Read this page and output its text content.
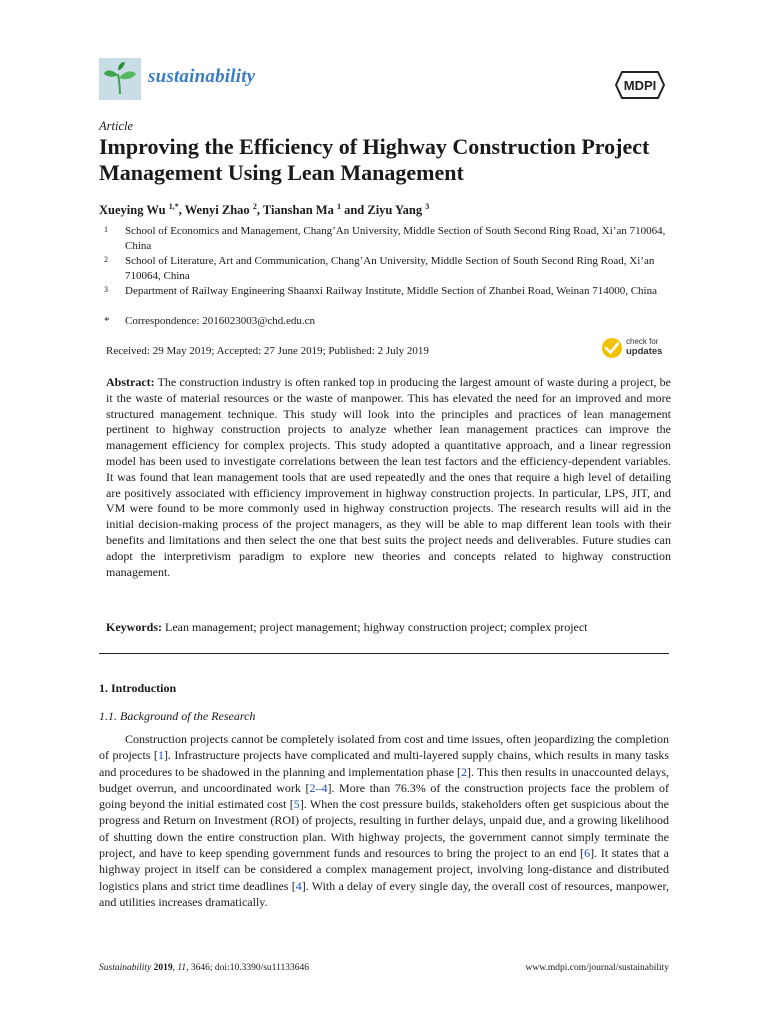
sustainability	MDPI
Article
Improving the Efficiency of Highway Construction Project Management Using Lean Management
Xueying Wu $^{1,*}$, Wenyi Zhao $^2$, Tianshan Ma $^1$ and Ziyu Yang $^3$
1 School of Economics and Management, Chang’An University, Middle Section of South Second Ring Road, Xi’an 710064, China
2 School of Literature, Art and Communication, Chang’An University, Middle Section of South Second Ring Road, Xi’an 710064, China
3 Department of Railway Engineering Shaanxi Railway Institute, Middle Section of Zhanbei Road, Weinan 714000, China
* Correspondence: 2016023003@chd.edu.cn
Received: 29 May 2019; Accepted: 27 June 2019; Published: 2 July 2019
check for
updates
Abstract: The construction industry is often ranked top in producing the largest amount of waste during a project, be it the waste of material resources or the waste of manpower. This has elevated the need for an improved and more structured management technique. This study will look into the principles and practices of lean management pertinent to highway construction projects to analyze whether lean management practices can improve the management efficiency for complex projects. This study adopted a quantitative approach, and a linear regression model has been used to investigate correlations between the lean test factors and the efficiency-dependent variables. It was found that lean management tools that are used repeatedly and the ones that require a high level of detailing are positively associated with efficiency improvement in highway construction projects. In particular, LPS, JIT, and VM were found to be more commonly used in highway construction projects. The research results will aid in the initial decision-making process of the project managers, as they will be able to map different lean tools with their benefits and limitations and then select the one that best suits the project needs and deliverables. Future studies can adopt the interpretivism paradigm to explore new theories and concepts related to highway construction management.
Keywords: Lean management; project management; highway construction project; complex project
1. Introduction
1.1. Background of the Research
Construction projects cannot be completely isolated from cost and time issues, often jeopardizing the completion of projects [1]. Infrastructure projects have complicated and multi-layered supply chains, which results in many tasks and procedures to be shadowed in the planning and implementation phase [2]. This then results in unaccounted delays, budget overrun, and uncoordinated work [2–4]. More than 76.3% of the construction projects face the problem of going beyond the initial estimated cost [5]. When the cost pressure builds, stakeholders often get suspicious about the progress and Return on Investment (ROI) of projects, resulting in further delays, unpaid due, and a growing likelihood of shutting down the entire construction plan. With highway projects, the government cannot simply terminate the project, and have to keep spending government funds and resources to bring the project to an end [6]. It states that a highway project in itself can be considered a complex management project, involving long-distance and distributed logistics plans and strict time deadlines [4]. With a delay of every single day, the overall cost of resources, manpower, and utilities increases dramatically.
Sustainability 2019, 11, 3646; doi:10.3390/su11133646	www.mdpi.com/journal/sustainability
